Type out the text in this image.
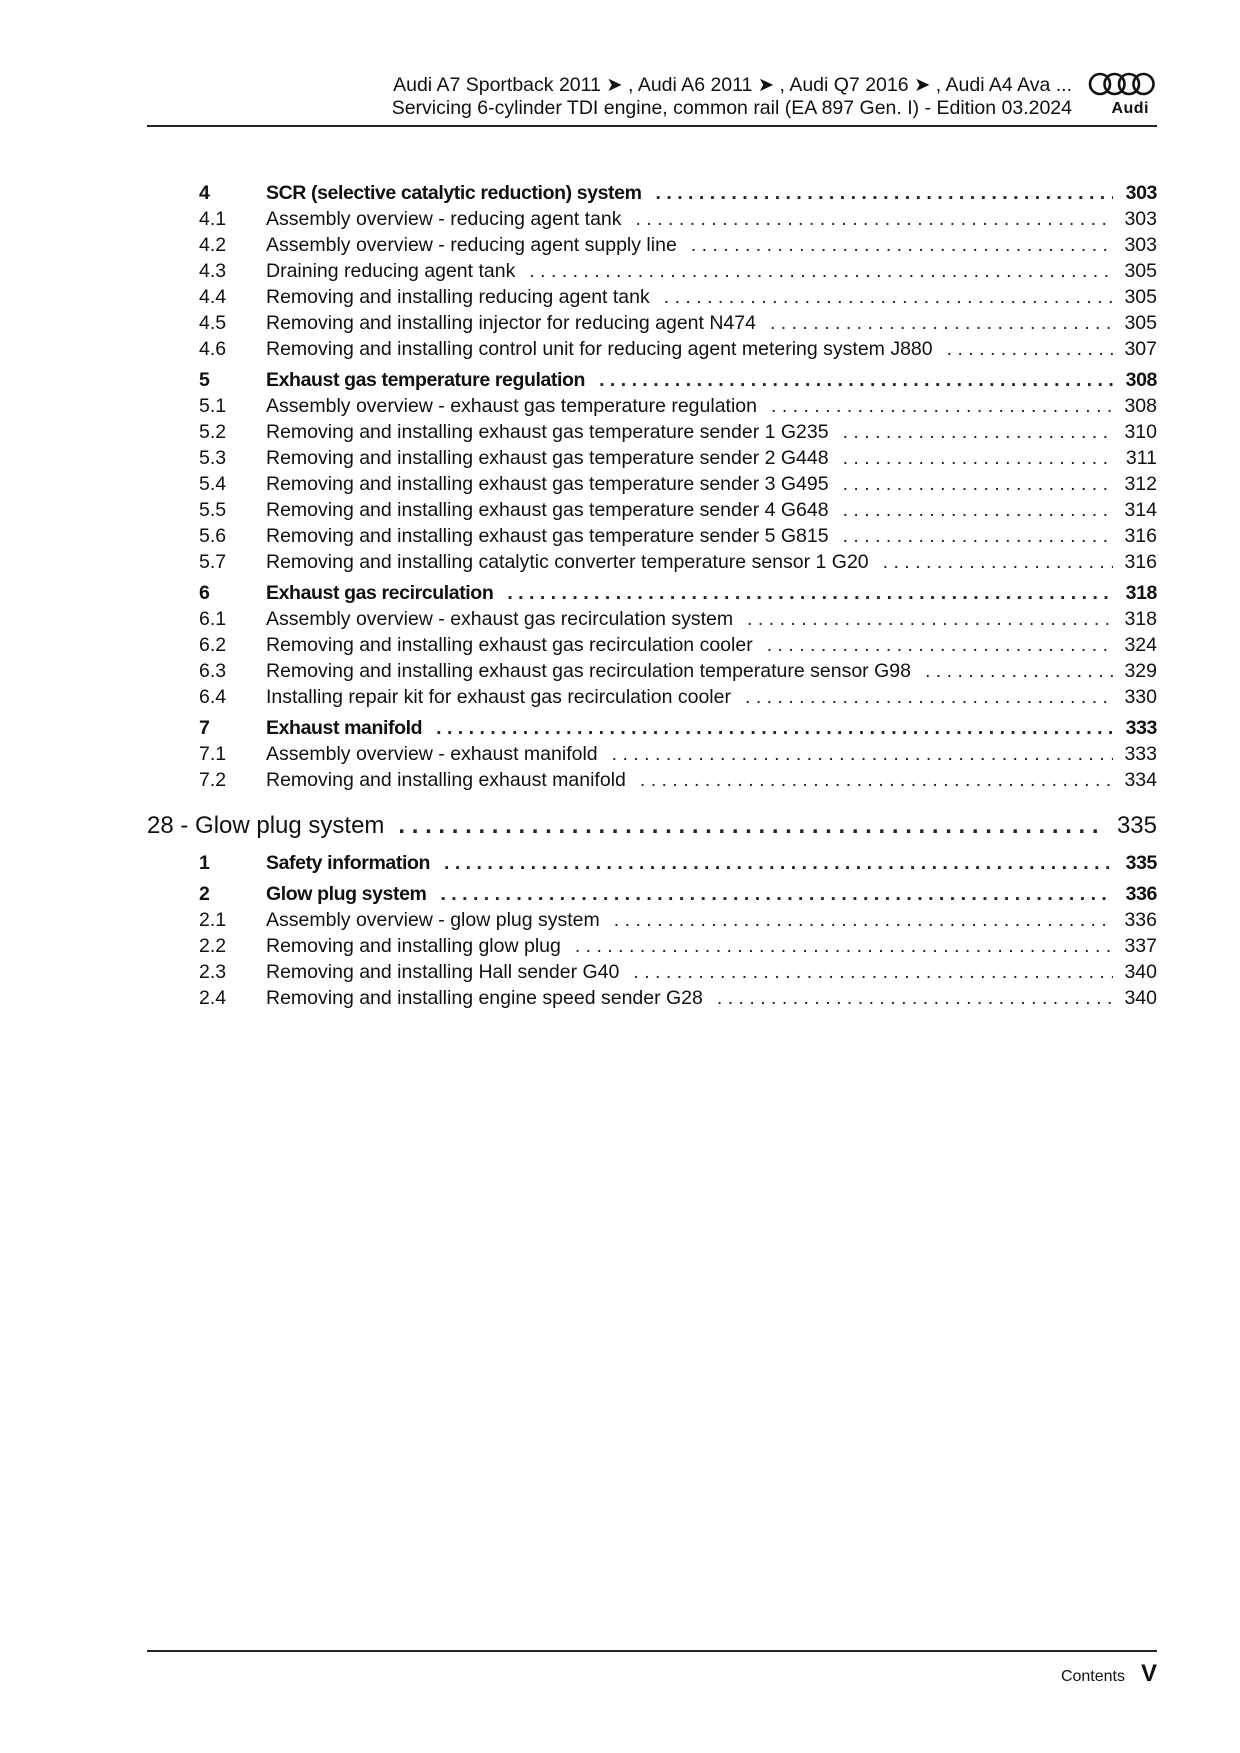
Audi A7 Sportback 2011 ➤ , Audi A6 2011 ➤ , Audi Q7 2016 ➤ , Audi A4 Ava ...
Servicing 6-cylinder TDI engine, common rail (EA 897 Gen. I) - Edition 03.2024 Audi
4	SCR (selective catalytic reduction) system . . .	303
4.1	Assembly overview - reducing agent tank . . .	303
4.2	Assembly overview - reducing agent supply line . . .	303
4.3	Draining reducing agent tank . . .	305
4.4	Removing and installing reducing agent tank . . .	305
4.5	Removing and installing injector for reducing agent N474 . . .	305
4.6	Removing and installing control unit for reducing agent metering system J880 . . .	307
5	Exhaust gas temperature regulation . . .	308
5.1	Assembly overview - exhaust gas temperature regulation . . .	308
5.2	Removing and installing exhaust gas temperature sender 1 G235 . . .	310
5.3	Removing and installing exhaust gas temperature sender 2 G448 . . .	311
5.4	Removing and installing exhaust gas temperature sender 3 G495 . . .	312
5.5	Removing and installing exhaust gas temperature sender 4 G648 . . .	314
5.6	Removing and installing exhaust gas temperature sender 5 G815 . . .	316
5.7	Removing and installing catalytic converter temperature sensor 1 G20 . . .	316
6	Exhaust gas recirculation . . .	318
6.1	Assembly overview - exhaust gas recirculation system . . .	318
6.2	Removing and installing exhaust gas recirculation cooler . . .	324
6.3	Removing and installing exhaust gas recirculation temperature sensor G98 . . .	329
6.4	Installing repair kit for exhaust gas recirculation cooler . . .	330
7	Exhaust manifold . . .	333
7.1	Assembly overview - exhaust manifold . . .	333
7.2	Removing and installing exhaust manifold . . .	334
28 - Glow plug system . . .	335
1	Safety information . . .	335
2	Glow plug system . . .	336
2.1	Assembly overview - glow plug system . . .	336
2.2	Removing and installing glow plug . . .	337
2.3	Removing and installing Hall sender G40 . . .	340
2.4	Removing and installing engine speed sender G28 . . .	340
Contents V
